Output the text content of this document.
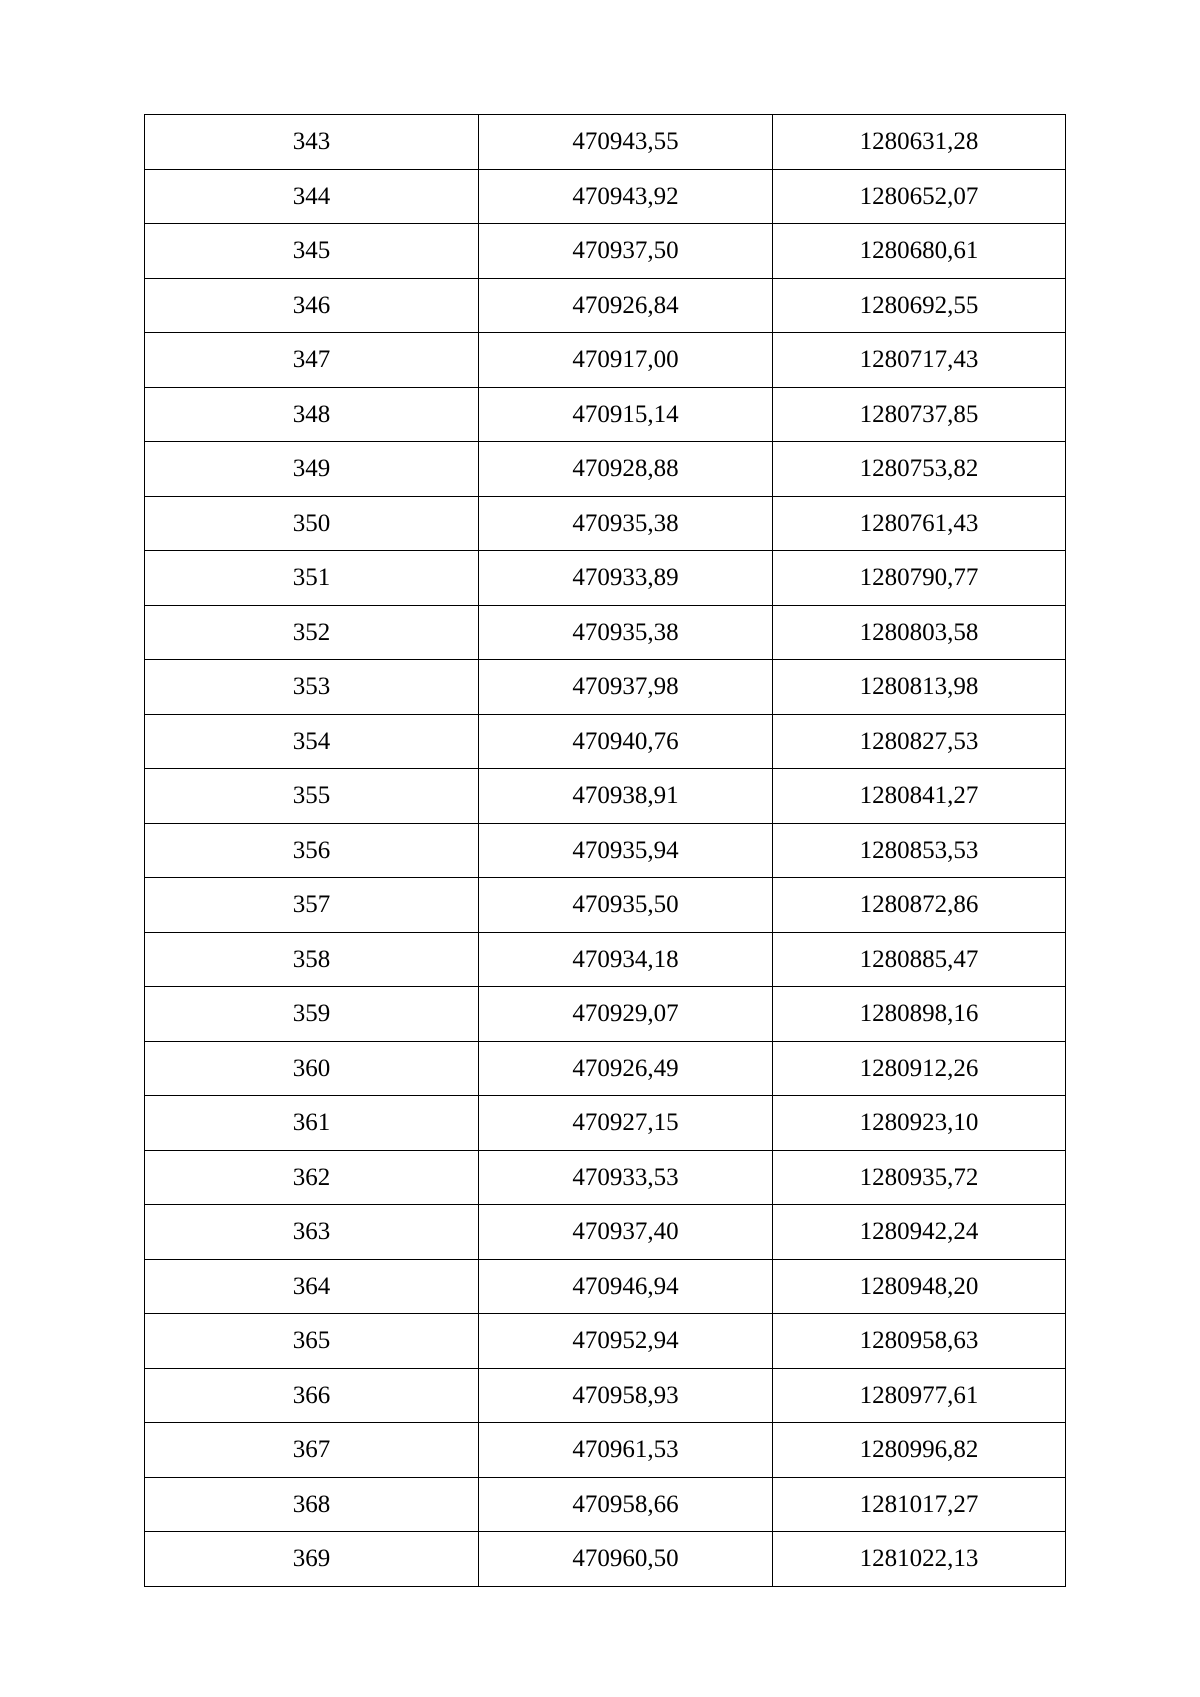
343	470943,55	1280631,28
344	470943,92	1280652,07
345	470937,50	1280680,61
346	470926,84	1280692,55
347	470917,00	1280717,43
348	470915,14	1280737,85
349	470928,88	1280753,82
350	470935,38	1280761,43
351	470933,89	1280790,77
352	470935,38	1280803,58
353	470937,98	1280813,98
354	470940,76	1280827,53
355	470938,91	1280841,27
356	470935,94	1280853,53
357	470935,50	1280872,86
358	470934,18	1280885,47
359	470929,07	1280898,16
360	470926,49	1280912,26
361	470927,15	1280923,10
362	470933,53	1280935,72
363	470937,40	1280942,24
364	470946,94	1280948,20
365	470952,94	1280958,63
366	470958,93	1280977,61
367	470961,53	1280996,82
368	470958,66	1281017,27
369	470960,50	1281022,13
